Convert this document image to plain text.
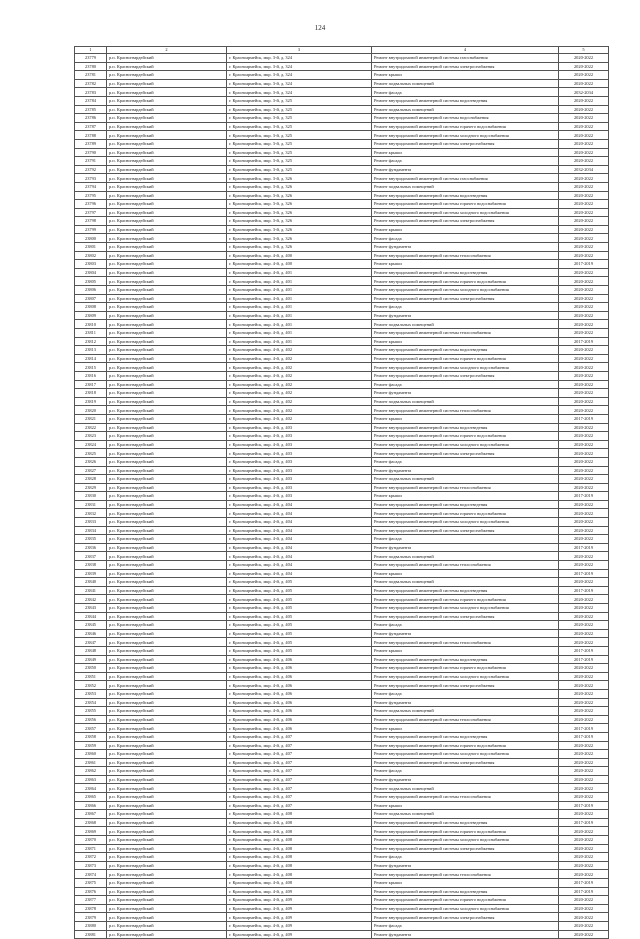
124
1	2	3	4	5
23779	р.п. Красногвардейский	г. Красноармейск, мкр. 3-й, д. 324	Ремонт внутридомовой инженерной системы газоснабжения	2020-2022
23780	р.п. Красногвардейский	г. Красноармейск, мкр. 3-й, д. 324	Ремонт внутридомовой инженерной системы электроснабжения	2020-2022
23781	р.п. Красногвардейский	г. Красноармейск, мкр. 3-й, д. 324	Ремонт крыши	2020-2022
23782	р.п. Красногвардейский	г. Красноармейск, мкр. 3-й, д. 324	Ремонт подвальных помещений	2020-2022
23783	р.п. Красногвардейский	г. Красноармейск, мкр. 3-й, д. 324	Ремонт фасада	2032-2034
23784	р.п. Красногвардейский	г. Красноармейск, мкр. 3-й, д. 325	Ремонт внутридомовой инженерной системы водоотведения	2020-2022
23785	р.п. Красногвардейский	г. Красноармейск, мкр. 3-й, д. 325	Ремонт подвальных помещений	2020-2022
23786	р.п. Красногвардейский	г. Красноармейск, мкр. 3-й, д. 325	Ремонт внутридомовой инженерной системы водоснабжения	2020-2022
23787	р.п. Красногвардейский	г. Красноармейск, мкр. 3-й, д. 325	Ремонт внутридомовой инженерной системы горячего водоснабжения	2020-2022
23788	р.п. Красногвардейский	г. Красноармейск, мкр. 3-й, д. 325	Ремонт внутридомовой инженерной системы холодного водоснабжения	2020-2022
23789	р.п. Красногвардейский	г. Красноармейск, мкр. 3-й, д. 325	Ремонт внутридомовой инженерной системы электроснабжения	2020-2022
23790	р.п. Красногвардейский	г. Красноармейск, мкр. 3-й, д. 325	Ремонт крыши	2020-2022
23791	р.п. Красногвардейский	г. Красноармейск, мкр. 3-й, д. 325	Ремонт фасада	2020-2022
23792	р.п. Красногвардейский	г. Красноармейск, мкр. 3-й, д. 325	Ремонт фундамента	2032-2034
23793	р.п. Красногвардейский	г. Красноармейск, мкр. 3-й, д. 326	Ремонт внутридомовой инженерной системы газоснабжения	2020-2022
23794	р.п. Красногвардейский	г. Красноармейск, мкр. 3-й, д. 326	Ремонт подвальных помещений	2020-2022
23795	р.п. Красногвардейский	г. Красноармейск, мкр. 3-й, д. 326	Ремонт внутридомовой инженерной системы водоотведения	2020-2022
23796	р.п. Красногвардейский	г. Красноармейск, мкр. 3-й, д. 326	Ремонт внутридомовой инженерной системы горячего водоснабжения	2020-2022
23797	р.п. Красногвардейский	г. Красноармейск, мкр. 3-й, д. 326	Ремонт внутридомовой инженерной системы холодного водоснабжения	2020-2022
23798	р.п. Красногвардейский	г. Красноармейск, мкр. 3-й, д. 326	Ремонт внутридомовой инженерной системы электроснабжения	2020-2022
23799	р.п. Красногвардейский	г. Красноармейск, мкр. 3-й, д. 326	Ремонт крыши	2020-2022
23800	р.п. Красногвардейский	г. Красноармейск, мкр. 3-й, д. 326	Ремонт фасада	2020-2022
23801	р.п. Красногвардейский	г. Красноармейск, мкр. 3-й, д. 326	Ремонт фундамента	2020-2022
23802	р.п. Красногвардейский	г. Красноармейск, мкр. 4-й, д. 400	Ремонт внутридомовой инженерной системы теплоснабжения	2020-2022
23803	р.п. Красногвардейский	г. Красноармейск, мкр. 4-й, д. 400	Ремонт крыши	2017-2019
23804	р.п. Красногвардейский	г. Красноармейск, мкр. 4-й, д. 401	Ремонт внутридомовой инженерной системы водоотведения	2020-2022
23805	р.п. Красногвардейский	г. Красноармейск, мкр. 4-й, д. 401	Ремонт внутридомовой инженерной системы горячего водоснабжения	2020-2022
23806	р.п. Красногвардейский	г. Красноармейск, мкр. 4-й, д. 401	Ремонт внутридомовой инженерной системы холодного водоснабжения	2020-2022
23807	р.п. Красногвардейский	г. Красноармейск, мкр. 4-й, д. 401	Ремонт внутридомовой инженерной системы электроснабжения	2020-2022
23808	р.п. Красногвардейский	г. Красноармейск, мкр. 4-й, д. 401	Ремонт фасада	2020-2022
23809	р.п. Красногвардейский	г. Красноармейск, мкр. 4-й, д. 401	Ремонт фундамента	2020-2022
23810	р.п. Красногвардейский	г. Красноармейск, мкр. 4-й, д. 401	Ремонт подвальных помещений	2020-2022
23811	р.п. Красногвардейский	г. Красноармейск, мкр. 4-й, д. 401	Ремонт внутридомовой инженерной системы теплоснабжения	2020-2022
23812	р.п. Красногвардейский	г. Красноармейск, мкр. 4-й, д. 401	Ремонт крыши	2017-2019
23813	р.п. Красногвардейский	г. Красноармейск, мкр. 4-й, д. 402	Ремонт внутридомовой инженерной системы водоотведения	2020-2022
23814	р.п. Красногвардейский	г. Красноармейск, мкр. 4-й, д. 402	Ремонт внутридомовой инженерной системы горячего водоснабжения	2020-2022
23815	р.п. Красногвардейский	г. Красноармейск, мкр. 4-й, д. 402	Ремонт внутридомовой инженерной системы холодного водоснабжения	2020-2022
23816	р.п. Красногвардейский	г. Красноармейск, мкр. 4-й, д. 402	Ремонт внутридомовой инженерной системы электроснабжения	2020-2022
23817	р.п. Красногвардейский	г. Красноармейск, мкр. 4-й, д. 402	Ремонт фасада	2020-2022
23818	р.п. Красногвардейский	г. Красноармейск, мкр. 4-й, д. 402	Ремонт фундамента	2020-2022
23819	р.п. Красногвардейский	г. Красноармейск, мкр. 4-й, д. 402	Ремонт подвальных помещений	2020-2022
23820	р.п. Красногвардейский	г. Красноармейск, мкр. 4-й, д. 402	Ремонт внутридомовой инженерной системы теплоснабжения	2020-2022
23821	р.п. Красногвардейский	г. Красноармейск, мкр. 4-й, д. 402	Ремонт крыши	2017-2019
23822	р.п. Красногвардейский	г. Красноармейск, мкр. 4-й, д. 403	Ремонт внутридомовой инженерной системы водоотведения	2020-2022
23823	р.п. Красногвардейский	г. Красноармейск, мкр. 4-й, д. 403	Ремонт внутридомовой инженерной системы горячего водоснабжения	2020-2022
23824	р.п. Красногвардейский	г. Красноармейск, мкр. 4-й, д. 403	Ремонт внутридомовой инженерной системы холодного водоснабжения	2020-2022
23825	р.п. Красногвардейский	г. Красноармейск, мкр. 4-й, д. 403	Ремонт внутридомовой инженерной системы электроснабжения	2020-2022
23826	р.п. Красногвардейский	г. Красноармейск, мкр. 4-й, д. 403	Ремонт фасада	2020-2022
23827	р.п. Красногвардейский	г. Красноармейск, мкр. 4-й, д. 403	Ремонт фундамента	2020-2022
23828	р.п. Красногвардейский	г. Красноармейск, мкр. 4-й, д. 403	Ремонт подвальных помещений	2020-2022
23829	р.п. Красногвардейский	г. Красноармейск, мкр. 4-й, д. 403	Ремонт внутридомовой инженерной системы теплоснабжения	2020-2022
23830	р.п. Красногвардейский	г. Красноармейск, мкр. 4-й, д. 403	Ремонт крыши	2017-2019
23831	р.п. Красногвардейский	г. Красноармейск, мкр. 4-й, д. 404	Ремонт внутридомовой инженерной системы водоотведения	2020-2022
23832	р.п. Красногвардейский	г. Красноармейск, мкр. 4-й, д. 404	Ремонт внутридомовой инженерной системы горячего водоснабжения	2020-2022
23833	р.п. Красногвардейский	г. Красноармейск, мкр. 4-й, д. 404	Ремонт внутридомовой инженерной системы холодного водоснабжения	2020-2022
23834	р.п. Красногвардейский	г. Красноармейск, мкр. 4-й, д. 404	Ремонт внутридомовой инженерной системы электроснабжения	2020-2022
23835	р.п. Красногвардейский	г. Красноармейск, мкр. 4-й, д. 404	Ремонт фасада	2020-2022
23836	р.п. Красногвардейский	г. Красноармейск, мкр. 4-й, д. 404	Ремонт фундамента	2017-2019
23837	р.п. Красногвардейский	г. Красноармейск, мкр. 4-й, д. 404	Ремонт подвальных помещений	2020-2022
23838	р.п. Красногвардейский	г. Красноармейск, мкр. 4-й, д. 404	Ремонт внутридомовой инженерной системы теплоснабжения	2020-2022
23839	р.п. Красногвардейский	г. Красноармейск, мкр. 4-й, д. 404	Ремонт крыши	2017-2019
23840	р.п. Красногвардейский	г. Красноармейск, мкр. 4-й, д. 405	Ремонт подвальных помещений	2020-2022
23841	р.п. Красногвардейский	г. Красноармейск, мкр. 4-й, д. 405	Ремонт внутридомовой инженерной системы водоотведения	2017-2019
23842	р.п. Красногвардейский	г. Красноармейск, мкр. 4-й, д. 405	Ремонт внутридомовой инженерной системы горячего водоснабжения	2020-2022
23843	р.п. Красногвардейский	г. Красноармейск, мкр. 4-й, д. 405	Ремонт внутридомовой инженерной системы холодного водоснабжения	2020-2022
23844	р.п. Красногвардейский	г. Красноармейск, мкр. 4-й, д. 405	Ремонт внутридомовой инженерной системы электроснабжения	2020-2022
23845	р.п. Красногвардейский	г. Красноармейск, мкр. 4-й, д. 405	Ремонт фасада	2020-2022
23846	р.п. Красногвардейский	г. Красноармейск, мкр. 4-й, д. 405	Ремонт фундамента	2020-2022
23847	р.п. Красногвардейский	г. Красноармейск, мкр. 4-й, д. 405	Ремонт внутридомовой инженерной системы теплоснабжения	2020-2022
23848	р.п. Красногвардейский	г. Красноармейск, мкр. 4-й, д. 405	Ремонт крыши	2017-2019
23849	р.п. Красногвардейский	г. Красноармейск, мкр. 4-й, д. 406	Ремонт внутридомовой инженерной системы водоотведения	2017-2019
23850	р.п. Красногвардейский	г. Красноармейск, мкр. 4-й, д. 406	Ремонт внутридомовой инженерной системы горячего водоснабжения	2020-2022
23851	р.п. Красногвардейский	г. Красноармейск, мкр. 4-й, д. 406	Ремонт внутридомовой инженерной системы холодного водоснабжения	2020-2022
23852	р.п. Красногвардейский	г. Красноармейск, мкр. 4-й, д. 406	Ремонт внутридомовой инженерной системы электроснабжения	2020-2022
23853	р.п. Красногвардейский	г. Красноармейск, мкр. 4-й, д. 406	Ремонт фасада	2020-2022
23854	р.п. Красногвардейский	г. Красноармейск, мкр. 4-й, д. 406	Ремонт фундамента	2020-2022
23855	р.п. Красногвардейский	г. Красноармейск, мкр. 4-й, д. 406	Ремонт подвальных помещений	2020-2022
23856	р.п. Красногвардейский	г. Красноармейск, мкр. 4-й, д. 406	Ремонт внутридомовой инженерной системы теплоснабжения	2020-2022
23857	р.п. Красногвардейский	г. Красноармейск, мкр. 4-й, д. 406	Ремонт крыши	2017-2019
23858	р.п. Красногвардейский	г. Красноармейск, мкр. 4-й, д. 407	Ремонт внутридомовой инженерной системы водоотведения	2017-2019
23859	р.п. Красногвардейский	г. Красноармейск, мкр. 4-й, д. 407	Ремонт внутридомовой инженерной системы горячего водоснабжения	2020-2022
23860	р.п. Красногвардейский	г. Красноармейск, мкр. 4-й, д. 407	Ремонт внутридомовой инженерной системы холодного водоснабжения	2020-2022
23861	р.п. Красногвардейский	г. Красноармейск, мкр. 4-й, д. 407	Ремонт внутридомовой инженерной системы электроснабжения	2020-2022
23862	р.п. Красногвардейский	г. Красноармейск, мкр. 4-й, д. 407	Ремонт фасада	2020-2022
23863	р.п. Красногвардейский	г. Красноармейск, мкр. 4-й, д. 407	Ремонт фундамента	2020-2022
23864	р.п. Красногвардейский	г. Красноармейск, мкр. 4-й, д. 407	Ремонт подвальных помещений	2020-2022
23865	р.п. Красногвардейский	г. Красноармейск, мкр. 4-й, д. 407	Ремонт внутридомовой инженерной системы теплоснабжения	2020-2022
23866	р.п. Красногвардейский	г. Красноармейск, мкр. 4-й, д. 407	Ремонт крыши	2017-2019
23867	р.п. Красногвардейский	г. Красноармейск, мкр. 4-й, д. 408	Ремонт подвальных помещений	2020-2022
23868	р.п. Красногвардейский	г. Красноармейск, мкр. 4-й, д. 408	Ремонт внутридомовой инженерной системы водоотведения	2017-2019
23869	р.п. Красногвардейский	г. Красноармейск, мкр. 4-й, д. 408	Ремонт внутридомовой инженерной системы горячего водоснабжения	2020-2022
23870	р.п. Красногвардейский	г. Красноармейск, мкр. 4-й, д. 408	Ремонт внутридомовой инженерной системы холодного водоснабжения	2020-2022
23871	р.п. Красногвардейский	г. Красноармейск, мкр. 4-й, д. 408	Ремонт внутридомовой инженерной системы электроснабжения	2020-2022
23872	р.п. Красногвардейский	г. Красноармейск, мкр. 4-й, д. 408	Ремонт фасада	2020-2022
23873	р.п. Красногвардейский	г. Красноармейск, мкр. 4-й, д. 408	Ремонт фундамента	2020-2022
23874	р.п. Красногвардейский	г. Красноармейск, мкр. 4-й, д. 408	Ремонт внутридомовой инженерной системы теплоснабжения	2020-2022
23875	р.п. Красногвардейский	г. Красноармейск, мкр. 4-й, д. 408	Ремонт крыши	2017-2019
23876	р.п. Красногвардейский	г. Красноармейск, мкр. 4-й, д. 409	Ремонт внутридомовой инженерной системы водоотведения	2017-2019
23877	р.п. Красногвардейский	г. Красноармейск, мкр. 4-й, д. 409	Ремонт внутридомовой инженерной системы горячего водоснабжения	2020-2022
23878	р.п. Красногвардейский	г. Красноармейск, мкр. 4-й, д. 409	Ремонт внутридомовой инженерной системы холодного водоснабжения	2020-2022
23879	р.п. Красногвардейский	г. Красноармейск, мкр. 4-й, д. 409	Ремонт внутридомовой инженерной системы электроснабжения	2020-2022
23880	р.п. Красногвардейский	г. Красноармейск, мкр. 4-й, д. 409	Ремонт фасада	2020-2022
23881	р.п. Красногвардейский	г. Красноармейск, мкр. 4-й, д. 409	Ремонт фундамента	2020-2022
